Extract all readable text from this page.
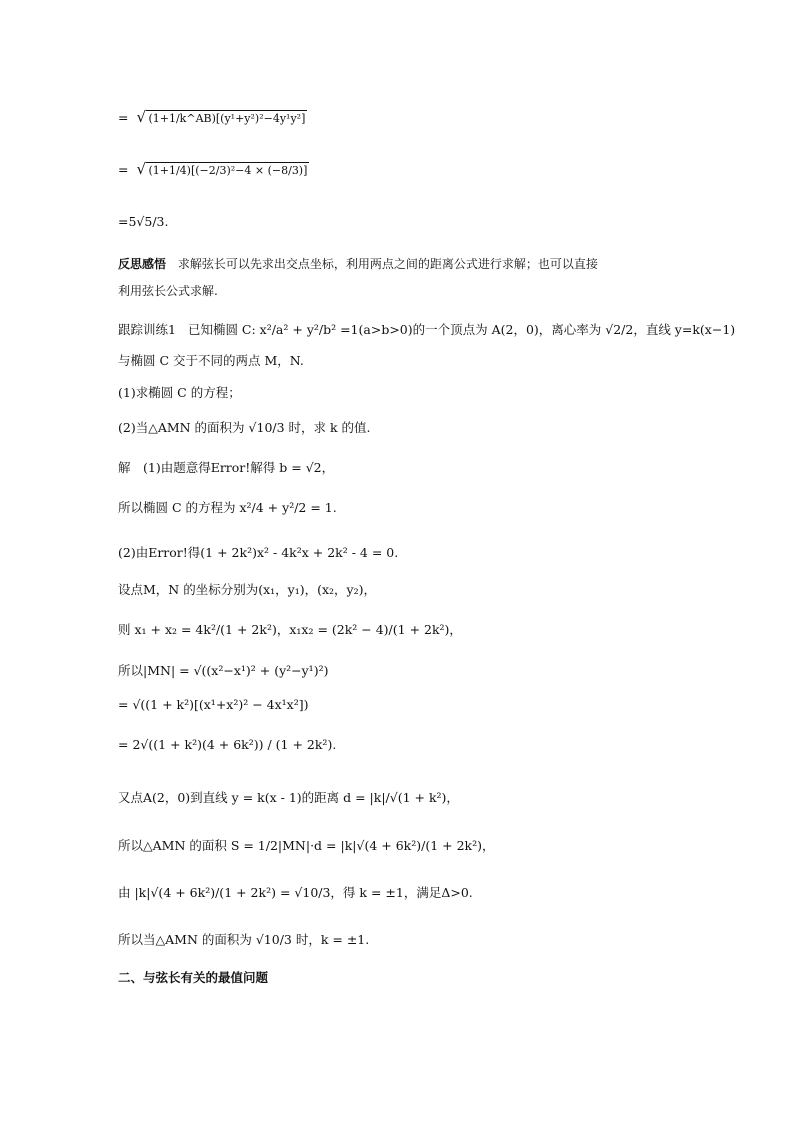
= √ (1+1/k^AB)[(y¹+y²)²−4y¹y²]
= √ (1+1/4)[(−2/3)²−4 × (−8/3)]
=5√5/3.
反思感悟 求解弦长可以先求出交点坐标，利用两点之间的距离公式进行求解；也可以直接
利用弦长公式求解.
跟踪训练1 已知椭圆 C: x²/a² + y²/b² =1(a>b>0)的一个顶点为 A(2，0)，离心率为 √2/2，直线 y=k(x−1)
与椭圆 C 交于不同的两点 M，N.
(1)求椭圆 C 的方程；
(2)当△AMN 的面积为 √10/3 时，求 k 的值.
解　(1)由题意得Error!解得 b = √2，
所以椭圆 C 的方程为 x²/4 + y²/2 = 1.
(2)由Error!得(1 + 2k²)x² - 4k²x + 2k² - 4 = 0.
设点M，N 的坐标分别为(x₁，y₁)，(x₂，y₂)，
则 x₁ + x₂ = 4k²/(1 + 2k²)，x₁x₂ = (2k² − 4)/(1 + 2k²)，
所以|MN| = √((x²−x¹)² + (y²−y¹)²)
= √((1 + k²)[(x¹+x²)² − 4x¹x²])
= 2√((1 + k²)(4 + 6k²)) / (1 + 2k²).
又点A(2，0)到直线 y = k(x - 1)的距离 d = |k|/√(1 + k²)，
所以△AMN 的面积 S = 1/2|MN|·d = |k|√(4 + 6k²)/(1 + 2k²)，
由 |k|√(4 + 6k²)/(1 + 2k²) = √10/3，得 k = ±1，满足Δ>0.
所以当△AMN 的面积为 √10/3 时，k = ±1.
二、与弦长有关的最值问题
